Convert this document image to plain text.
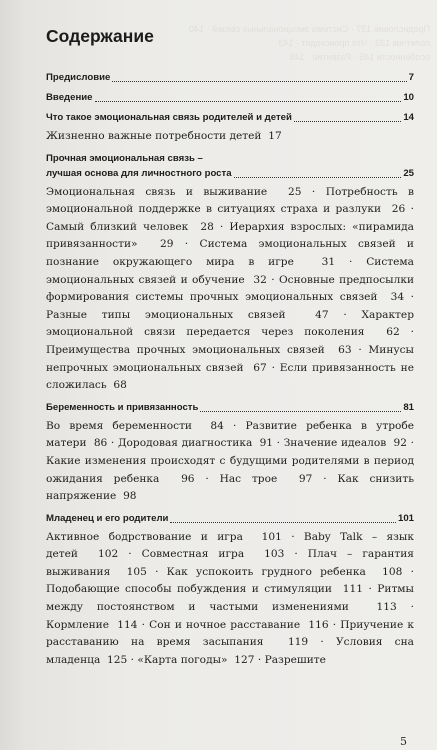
Предисловие 137 · Система эмоциональных связей · 140
полетчик 139 · Что происходит · 143
особенности 145 · Развитие · 148
Содержание
Предисловие	7
Введение	10
Что такое эмоциональная связь родителей и детей	14
Жизненно важные потребности детей 17
Прочная эмоциональная связь –
лучшая основа для личностного роста	25
Эмоциональная связь и выживание 25 · Потребность в эмоциональной поддержке в ситуациях страха и разлуки 26 · Самый близкий человек 28 · Иерархия взрослых: «пирамида привязанности» 29 · Система эмоциональных связей и познание окружающего мира в игре	31 · Система эмоциональных связей и обучение 32 · Основные предпосылки формирования системы прочных эмоциональных связей 34 · Разные типы эмоциональных связей	47 · Характер эмоциональной связи передается через поколения 62 · Преимущества прочных эмоциональных связей 63 · Минусы непрочных эмоциональных связей 67 · Если привязанность не сложилась 68
Беременность и привязанность	81
Во время беременности 84 · Развитие ребенка в утробе матери 86 · Дородовая диагностика 91 · Значение идеалов 92 · Какие изменения происходят с будущими родителями в период ожидания ребенка 96 · Нас трое 97 · Как снизить напряжение 98
Младенец и его родители	101
Активное бодрствование и игра 101 · Baby Talk – язык детей 102 · Совместная игра 103 · Плач – гарантия выживания 105 · Как успокоить грудного ребенка 108 · Подобающие способы побуждения и стимуляции 111 · Ритмы между постоянством и частыми изменениями	113 · Кормление 114 · Сон и ночное расставание 116 · Приучение к расставанию на время засыпания 119 · Условия сна младенца 125 · «Карта погоды» 127 · Разрешите
5
